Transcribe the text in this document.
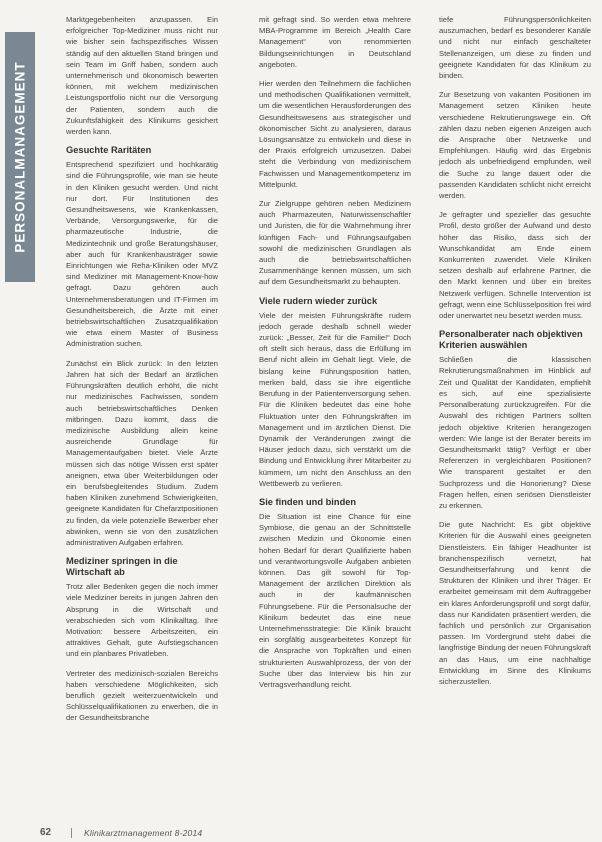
PERSONALMANAGEMENT

Marktgegebenheiten anzupassen. Ein erfolgreicher Top-Mediziner muss nicht nur wie bisher sein fachspezifisches Wissen ständig auf den aktuellen Stand bringen und sein Team im Griff haben, sondern auch unternehmerisch und ökonomisch bewerten können, mit welchem medizinischen Leistungsportfolio nicht nur die Versorgung der Patienten, sondern auch die Zukunftsfähigkeit des Klinikums gesichert werden kann.

Gesuchte Raritäten

Entsprechend spezifiziert und hochkarätig sind die Führungsprofile, wie man sie heute in den Kliniken gesucht werden. Und nicht nur dort. Für Institutionen des Gesundheitswesens, wie Krankenkassen, Verbände, Versorgungswerke, für die pharmazeutische Industrie, die Medizintechnik und große Beratungshäuser, aber auch für Krankenhausträger sowie Einrichtungen wie Reha-Kliniken oder MVZ sind Mediziner mit Management-Know-how gefragt. Dazu gehören auch Unternehmensberatungen und IT-Firmen im Gesundheitsbereich, die Ärzte mit einer betriebswirtschaftlichen Zusatzqualifikation wie etwa einem Master of Business Administration suchen.

Zunächst ein Blick zurück: In den letzten Jahren hat sich der Bedarf an ärztlichen Führungskräften deutlich erhöht, die nicht nur medizinisches Fachwissen, sondern auch betriebswirtschaftliches Denken mitbringen. Dazu kommt, dass die medizinische Ausbildung allein keine ausreichende Grundlage für Managementaufgaben bietet. Viele Ärzte müssen sich das nötige Wissen erst später aneignen, etwa über Weiterbildungen oder ein berufsbegleitendes Studium. Zudem haben Kliniken zunehmend Schwierigkeiten, geeignete Kandidaten für Chefarztpositionen zu finden, da viele potenzielle Bewerber eher abwinken, wenn sie von den zusätzlichen administrativen Aufgaben erfahren.

Mediziner springen in die Wirtschaft ab

Trotz aller Bedenken gegen die noch immer viele Mediziner bereits in jungen Jahren den Absprung in die Wirtschaft und verabschieden sich vom Klinikalltag. Ihre Motivation: bessere Arbeitszeiten, ein attraktives Gehalt, gute Aufstiegschancen und ein planbares Privatleben.

Vertreter des medizinisch-sozialen Bereichs haben verschiedene Möglichkeiten, sich beruflich gezielt weiterzuentwickeln und Schlüsselqualifikationen zu erwerben, die in der Gesundheitsbranche

mit gefragt sind. So werden etwa mehrere MBA-Programme im Bereich „Health Care Management“ von renommierten Bildungseinrichtungen in Deutschland angeboten.

Hier werden den Teilnehmern die fachlichen und methodischen Qualifikationen vermittelt, um die wesentlichen Herausforderungen des Gesundheitswesens aus strategischer und ökonomischer Sicht zu analysieren, daraus Lösungsansätze zu entwickeln und diese in der Praxis erfolgreich umzusetzen. Dabei steht die Verbindung von medizinischem Fachwissen und Managementkompetenz im Mittelpunkt.

Zur Zielgruppe gehören neben Medizinern auch Pharmazeuten, Naturwissenschaftler und Juristen, die für die Wahrnehmung ihrer künftigen Fach- und Führungsaufgaben sowohl die medizinischen Grundlagen als auch die betriebswirtschaftlichen Zusammenhänge kennen müssen, um sich auf dem Gesundheitsmarkt zu behaupten.

Viele rudern wieder zurück

Viele der meisten Führungskräfte rudern jedoch gerade deshalb schnell wieder zurück: „Besser, Zeit für die Familie!“ Doch oft stellt sich heraus, dass die Erfüllung im Beruf nicht allein im Gehalt liegt. Viele, die bislang keine Führungsposition hatten, merken bald, dass sie ihre eigentliche Berufung in der Patientenversorgung sehen. Für die Kliniken bedeutet das eine hohe Fluktuation unter den Führungskräften im Management und im ärztlichen Dienst. Die Dynamik der Veränderungen zwingt die Häuser jedoch dazu, sich verstärkt um die Bindung und Entwicklung ihrer Mitarbeiter zu kümmern, um nicht den Anschluss an den Wettbewerb zu verlieren.

Sie finden und binden

Die Situation ist eine Chance für eine Symbiose, die genau an der Schnittstelle zwischen Medizin und Ökonomie einen hohen Bedarf für derart Qualifizierte haben und verantwortungsvolle Aufgaben anbieten können. Das gilt sowohl für Top-Management der ärztlichen Direktion als auch in der kaufmännischen Führungsebene. Für die Personalsuche der Klinikum bedeutet das eine neue Unternehmensstrategie: Die Klinik braucht ein sorgfältig ausgearbeitetes Konzept für die Ansprache von Topkräften und einen strukturierten Auswahlprozess, der von der Suche über das Interview bis hin zur Vertragsverhandlung reicht.

tiefe Führungspersönlichkeiten auszumachen, bedarf es besonderer Kanäle und nicht nur einfach geschalteter Stellenanzeigen, um diese zu finden und geeignete Kandidaten für das Klinikum zu binden.

Zur Besetzung von vakanten Positionen im Management setzen Kliniken heute verschiedene Rekrutierungswege ein. Oft zählen dazu neben eigenen Anzeigen auch die Ansprache über Netzwerke und Empfehlungen. Häufig wird das Ergebnis jedoch als unbefriedigend empfunden, weil die Suche zu lange dauert oder die passenden Kandidaten schlicht nicht erreicht werden.

Je gefragter und spezieller das gesuchte Profil, desto größer der Aufwand und desto höher das Risiko, dass sich der Wunschkandidat am Ende einem Konkurrenten zuwendet. Viele Kliniken setzen deshalb auf erfahrene Partner, die den Markt kennen und über ein breites Netzwerk verfügen. Schnelle Intervention ist gefragt, wenn eine Schlüsselposition frei wird oder unerwartet neu besetzt werden muss.

Personalberater nach objektiven Kriterien auswählen

Schließen die klassischen Rekrutierungsmaßnahmen im Hinblick auf Zeit und Qualität der Kandidaten, empfiehlt es sich, auf eine spezialisierte Personalberatung zurückzugreifen. Für die Auswahl des richtigen Partners sollten jedoch objektive Kriterien herangezogen werden: Wie lange ist der Berater bereits im Gesundheitsmarkt tätig? Verfügt er über Referenzen in vergleichbaren Positionen? Wie transparent gestaltet er den Suchprozess und die Honorierung? Diese Fragen helfen, einen seriösen Dienstleister zu erkennen.

Die gute Nachricht: Es gibt objektive Kriterien für die Auswahl eines geeigneten Dienstleisters. Ein fähiger Headhunter ist branchenspezifisch vernetzt, hat Gesundheitserfahrung und kennt die Strukturen der Kliniken und ihrer Träger. Er erarbeitet gemeinsam mit dem Auftraggeber ein klares Anforderungsprofil und sorgt dafür, dass nur Kandidaten präsentiert werden, die fachlich und persönlich zur Organisation passen. Im Vordergrund steht dabei die langfristige Bindung der neuen Führungskraft an das Haus, um eine nachhaltige Entwicklung im Sinne des Klinikums sicherzustellen.

62	Klinikarztmanagement 8-2014
